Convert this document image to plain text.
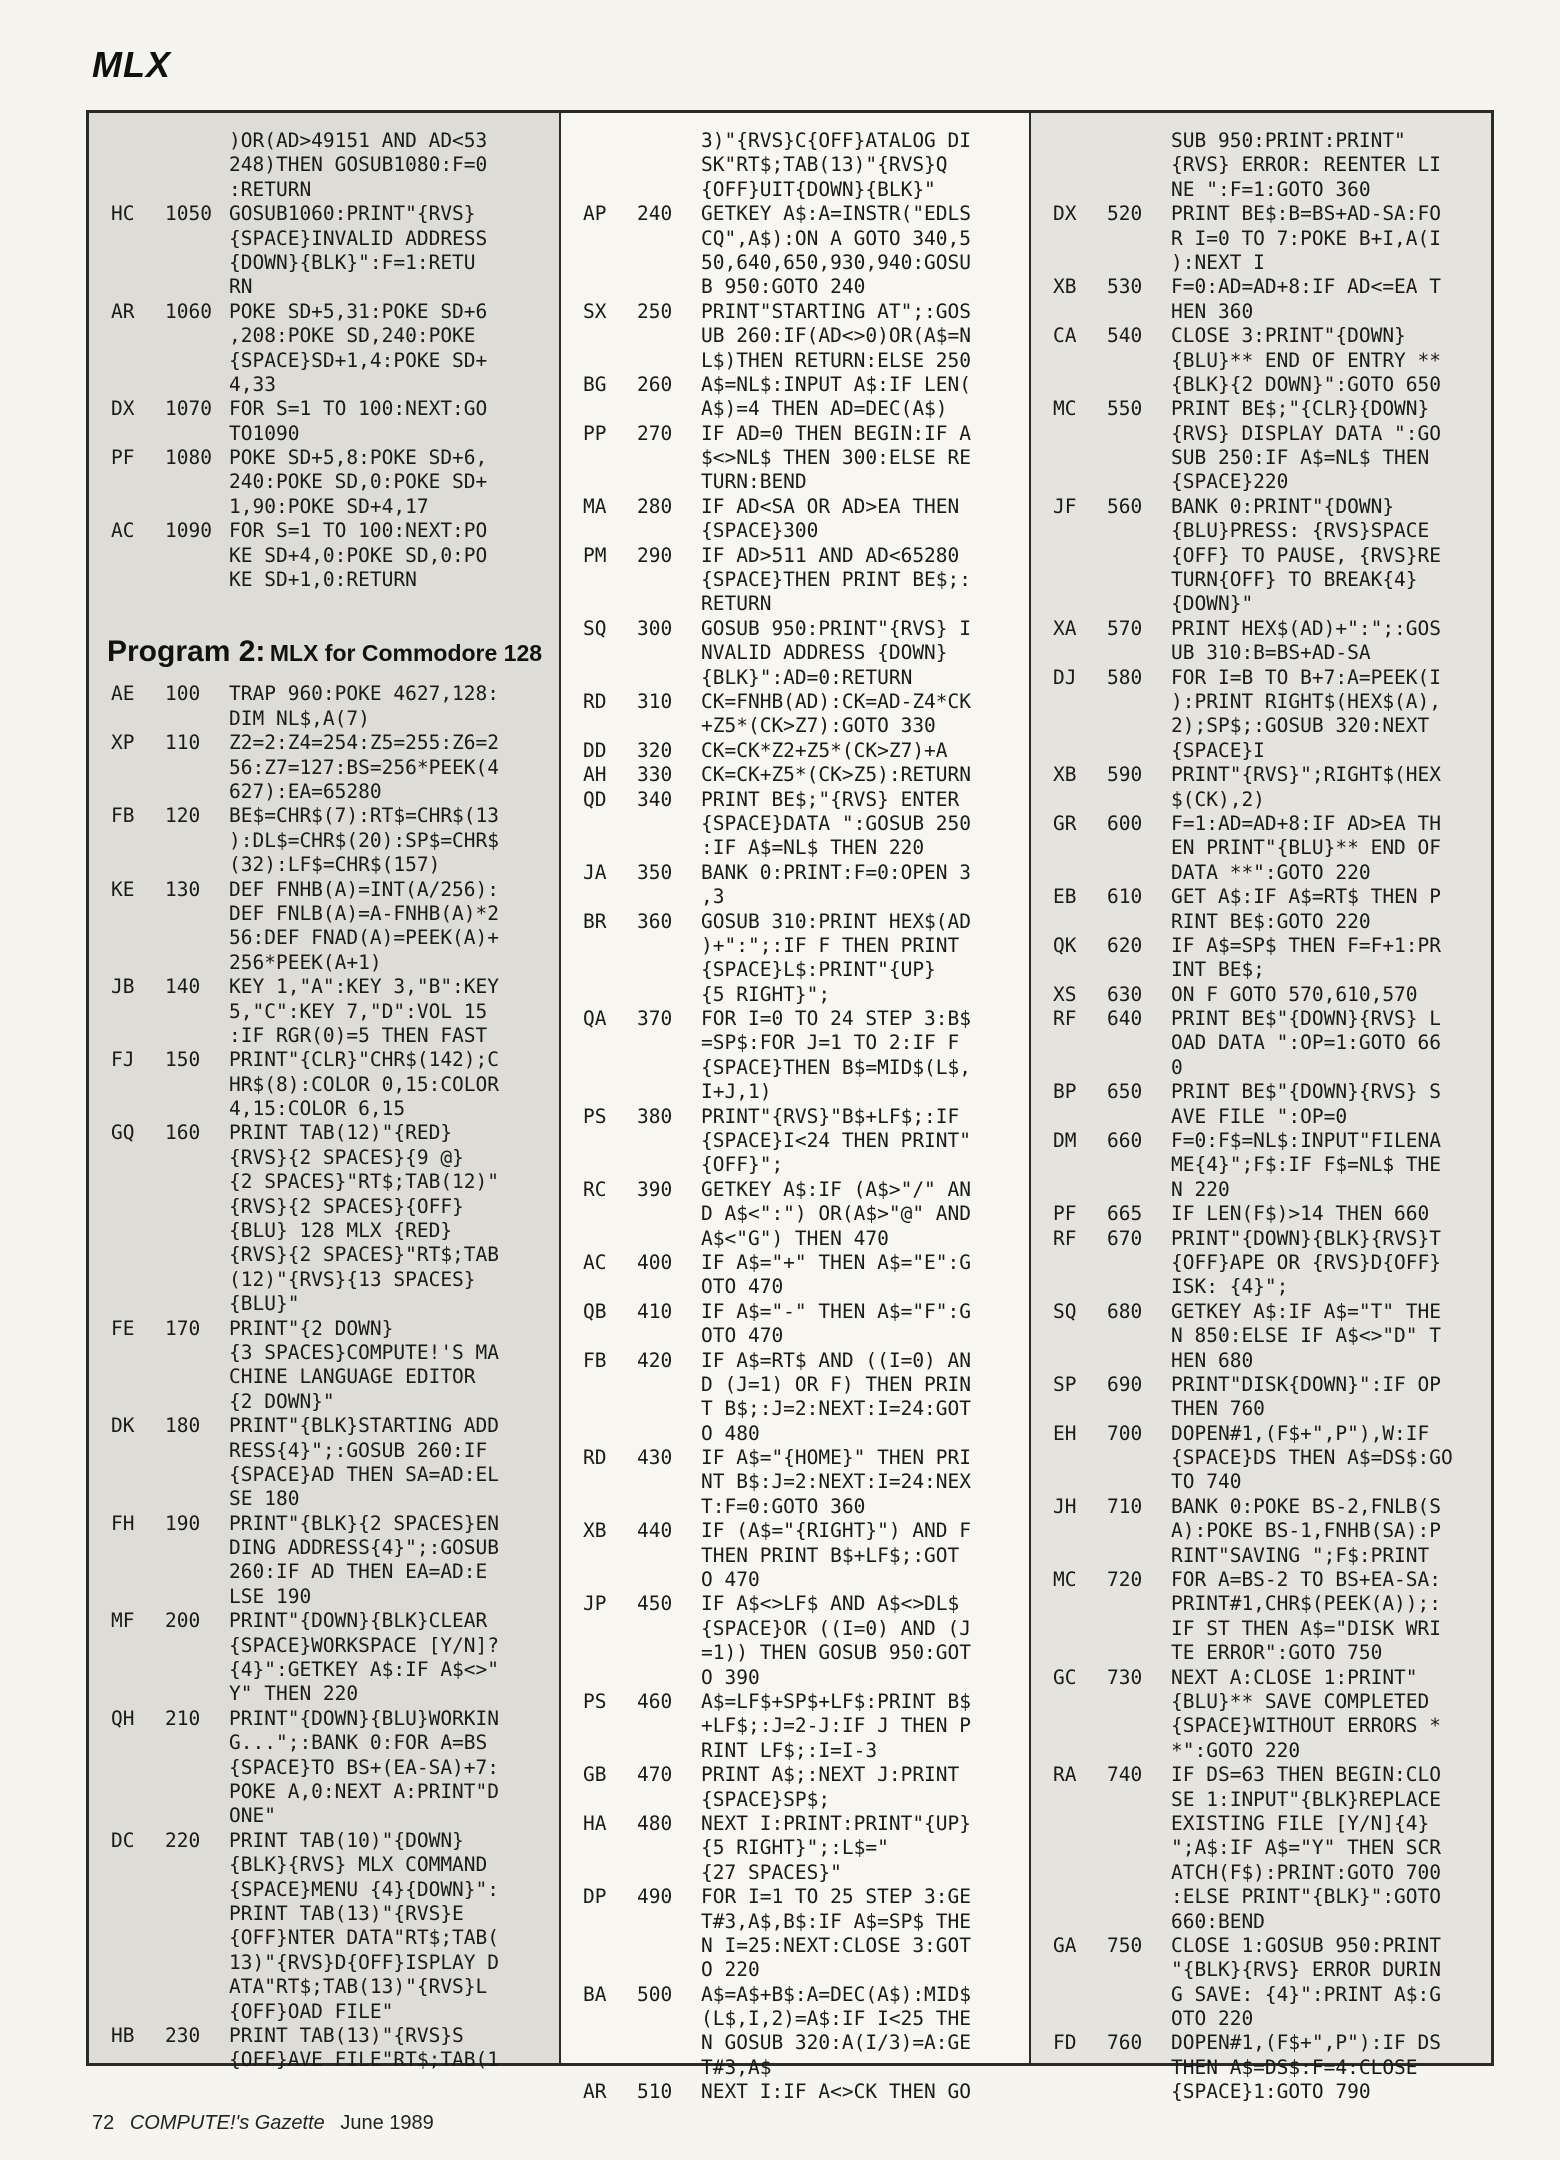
MLX
)OR(AD>49151 AND AD<53
248)THEN GOSUB1080:F=0
:RETURN
HC	1050 GOSUB1060:PRINT"{RVS}
{SPACE}INVALID ADDRESS
{DOWN}{BLK}":F=1:RETU
RN
AR	1060 POKE SD+5,31:POKE SD+6
,208:POKE SD,240:POKE
{SPACE}SD+1,4:POKE SD+
4,33
DX	1070 FOR S=1 TO 100:NEXT:GO
TO1090
PF	1080 POKE SD+5,8:POKE SD+6,
240:POKE SD,0:POKE SD+
1,90:POKE SD+4,17
AC	1090 FOR S=1 TO 100:NEXT:PO
KE SD+4,0:POKE SD,0:PO
KE SD+1,0:RETURN
Program 2: MLX for Commodore 128
AE	100	TRAP 960:POKE 4627,128:
DIM NL$,A(7)
XP	110	Z2=2:Z4=254:Z5=255:Z6=2
56:Z7=127:BS=256*PEEK(4
627):EA=65280
FB	120	BE$=CHR$(7):RT$=CHR$(13
):DL$=CHR$(20):SP$=CHR$
(32):LF$=CHR$(157)
KE	130	DEF FNHB(A)=INT(A/256):
DEF FNLB(A)=A-FNHB(A)*2
56:DEF FNAD(A)=PEEK(A)+
256*PEEK(A+1)
JB	140	KEY 1,"A":KEY 3,"B":KEY
5,"C":KEY 7,"D":VOL 15
:IF RGR(0)=5 THEN FAST
FJ	150	PRINT"{CLR}"CHR$(142);C
HR$(8):COLOR 0,15:COLOR
4,15:COLOR 6,15
GQ	160	PRINT TAB(12)"{RED}
{RVS}{2 SPACES}{9 @}
{2 SPACES}"RT$;TAB(12)"
{RVS}{2 SPACES}{OFF}
{BLU} 128 MLX {RED}
{RVS}{2 SPACES}"RT$;TAB
(12)"{RVS}{13 SPACES}
{BLU}"
FE	170	PRINT"{2 DOWN}
{3 SPACES}COMPUTE!'S MA
CHINE LANGUAGE EDITOR
{2 DOWN}"
DK	180	PRINT"{BLK}STARTING ADD
RESS{4}";:GOSUB 260:IF
{SPACE}AD THEN SA=AD:EL
SE 180
FH	190	PRINT"{BLK}{2 SPACES}EN
DING ADDRESS{4}";:GOSUB
260:IF AD THEN EA=AD:E
LSE 190
MF	200	PRINT"{DOWN}{BLK}CLEAR
{SPACE}WORKSPACE [Y/N]?
{4}":GETKEY A$:IF A$<>"
Y" THEN 220
QH	210	PRINT"{DOWN}{BLU}WORKIN
G...";:BANK 0:FOR A=BS
{SPACE}TO BS+(EA-SA)+7:
POKE A,0:NEXT A:PRINT"D
ONE"
DC	220	PRINT TAB(10)"{DOWN}
{BLK}{RVS} MLX COMMAND
{SPACE}MENU {4}{DOWN}":
PRINT TAB(13)"{RVS}E
{OFF}NTER DATA"RT$;TAB(
13)"{RVS}D{OFF}ISPLAY D
ATA"RT$;TAB(13)"{RVS}L
{OFF}OAD FILE"
HB	230	PRINT TAB(13)"{RVS}S
{OFF}AVE FILE"RT$;TAB(1
3)"{RVS}C{OFF}ATALOG DI
SK"RT$;TAB(13)"{RVS}Q
{OFF}UIT{DOWN}{BLK}"
AP	240	GETKEY A$:A=INSTR("EDLS
CQ",A$):ON A GOTO 340,5
50,640,650,930,940:GOSU
B 950:GOTO 240
SX	250	PRINT"STARTING AT";:GOS
UB 260:IF(AD<>0)OR(A$=N
L$)THEN RETURN:ELSE 250
BG	260	A$=NL$:INPUT A$:IF LEN(
A$)=4 THEN AD=DEC(A$)
PP	270	IF AD=0 THEN BEGIN:IF A
$<>NL$ THEN 300:ELSE RE
TURN:BEND
MA	280	IF AD<SA OR AD>EA THEN
{SPACE}300
PM	290	IF AD>511 AND AD<65280
{SPACE}THEN PRINT BE$;:
RETURN
SQ	300	GOSUB 950:PRINT"{RVS} I
NVALID ADDRESS {DOWN}
{BLK}":AD=0:RETURN
RD	310	CK=FNHB(AD):CK=AD-Z4*CK
+Z5*(CK>Z7):GOTO 330
DD	320	CK=CK*Z2+Z5*(CK>Z7)+A
AH	330	CK=CK+Z5*(CK>Z5):RETURN
QD	340	PRINT BE$;"{RVS} ENTER
{SPACE}DATA ":GOSUB 250
:IF A$=NL$ THEN 220
JA	350	BANK 0:PRINT:F=0:OPEN 3
,3
BR	360	GOSUB 310:PRINT HEX$(AD
)+":";:IF F THEN PRINT
{SPACE}L$:PRINT"{UP}
{5 RIGHT}";
QA	370	FOR I=0 TO 24 STEP 3:B$
=SP$:FOR J=1 TO 2:IF F
{SPACE}THEN B$=MID$(L$,
I+J,1)
PS	380	PRINT"{RVS}"B$+LF$;:IF
{SPACE}I<24 THEN PRINT"
{OFF}";
RC	390	GETKEY A$:IF (A$>"/" AN
D A$<":") OR(A$>"@" AND
A$<"G") THEN 470
AC	400	IF A$="+" THEN A$="E":G
OTO 470
QB	410	IF A$="-" THEN A$="F":G
OTO 470
FB	420	IF A$=RT$ AND ((I=0) AN
D (J=1) OR F) THEN PRIN
T B$;:J=2:NEXT:I=24:GOT
O 480
RD	430	IF A$="{HOME}" THEN PRI
NT B$:J=2:NEXT:I=24:NEX
T:F=0:GOTO 360
XB	440	IF (A$="{RIGHT}") AND F
THEN PRINT B$+LF$;:GOT
O 470
JP	450	IF A$<>LF$ AND A$<>DL$
{SPACE}OR ((I=0) AND (J
=1)) THEN GOSUB 950:GOT
O 390
PS	460	A$=LF$+SP$+LF$:PRINT B$
+LF$;:J=2-J:IF J THEN P
RINT LF$;:I=I-3
GB	470	PRINT A$;:NEXT J:PRINT
{SPACE}SP$;
HA	480	NEXT I:PRINT:PRINT"{UP}
{5 RIGHT}";:L$="
{27 SPACES}"
DP	490	FOR I=1 TO 25 STEP 3:GE
T#3,A$,B$:IF A$=SP$ THE
N I=25:NEXT:CLOSE 3:GOT
O 220
BA	500	A$=A$+B$:A=DEC(A$):MID$
(L$,I,2)=A$:IF I<25 THE
N GOSUB 320:A(I/3)=A:GE
T#3,A$
AR	510	NEXT I:IF A<>CK THEN GO
SUB 950:PRINT:PRINT"
{RVS} ERROR: REENTER LI
NE ":F=1:GOTO 360
DX	520	PRINT BE$:B=BS+AD-SA:FO
R I=0 TO 7:POKE B+I,A(I
):NEXT I
XB	530	F=0:AD=AD+8:IF AD<=EA T
HEN 360
CA	540	CLOSE 3:PRINT"{DOWN}
{BLU}** END OF ENTRY **
{BLK}{2 DOWN}":GOTO 650
MC	550	PRINT BE$;"{CLR}{DOWN}
{RVS} DISPLAY DATA ":GO
SUB 250:IF A$=NL$ THEN
{SPACE}220
JF	560	BANK 0:PRINT"{DOWN}
{BLU}PRESS: {RVS}SPACE
{OFF} TO PAUSE, {RVS}RE
TURN{OFF} TO BREAK{4}
{DOWN}"
XA	570	PRINT HEX$(AD)+":";:GOS
UB 310:B=BS+AD-SA
DJ	580	FOR I=B TO B+7:A=PEEK(I
):PRINT RIGHT$(HEX$(A),
2);SP$;:GOSUB 320:NEXT
{SPACE}I
XB	590	PRINT"{RVS}";RIGHT$(HEX
$(CK),2)
GR	600	F=1:AD=AD+8:IF AD>EA TH
EN PRINT"{BLU}** END OF
DATA **":GOTO 220
EB	610	GET A$:IF A$=RT$ THEN P
RINT BE$:GOTO 220
QK	620	IF A$=SP$ THEN F=F+1:PR
INT BE$;
XS	630	ON F GOTO 570,610,570
RF	640	PRINT BE$"{DOWN}{RVS} L
OAD DATA ":OP=1:GOTO 66
0
BP	650	PRINT BE$"{DOWN}{RVS} S
AVE FILE ":OP=0
DM	660	F=0:F$=NL$:INPUT"FILENA
ME{4}";F$:IF F$=NL$ THE
N 220
PF	665	IF LEN(F$)>14 THEN 660
RF	670	PRINT"{DOWN}{BLK}{RVS}T
{OFF}APE OR {RVS}D{OFF}
ISK: {4}";
SQ	680	GETKEY A$:IF A$="T" THE
N 850:ELSE IF A$<>"D" T
HEN 680
SP	690	PRINT"DISK{DOWN}":IF OP
THEN 760
EH	700	DOPEN#1,(F$+",P"),W:IF
{SPACE}DS THEN A$=DS$:GO
TO 740
JH	710	BANK 0:POKE BS-2,FNLB(S
A):POKE BS-1,FNHB(SA):P
RINT"SAVING ";F$:PRINT
MC	720	FOR A=BS-2 TO BS+EA-SA:
PRINT#1,CHR$(PEEK(A));:
IF ST THEN A$="DISK WRI
TE ERROR":GOTO 750
GC	730	NEXT A:CLOSE 1:PRINT"
{BLU}** SAVE COMPLETED
{SPACE}WITHOUT ERRORS *
*":GOTO 220
RA	740	IF DS=63 THEN BEGIN:CLO
SE 1:INPUT"{BLK}REPLACE
EXISTING FILE [Y/N]{4}
";A$:IF A$="Y" THEN SCR
ATCH(F$):PRINT:GOTO 700
:ELSE PRINT"{BLK}":GOTO
660:BEND
GA	750	CLOSE 1:GOSUB 950:PRINT
"{BLK}{RVS} ERROR DURIN
G SAVE: {4}":PRINT A$:G
OTO 220
FD	760	DOPEN#1,(F$+",P"):IF DS
THEN A$=DS$:F=4:CLOSE
{SPACE}1:GOTO 790
72 COMPUTE!'s Gazette June 1989
